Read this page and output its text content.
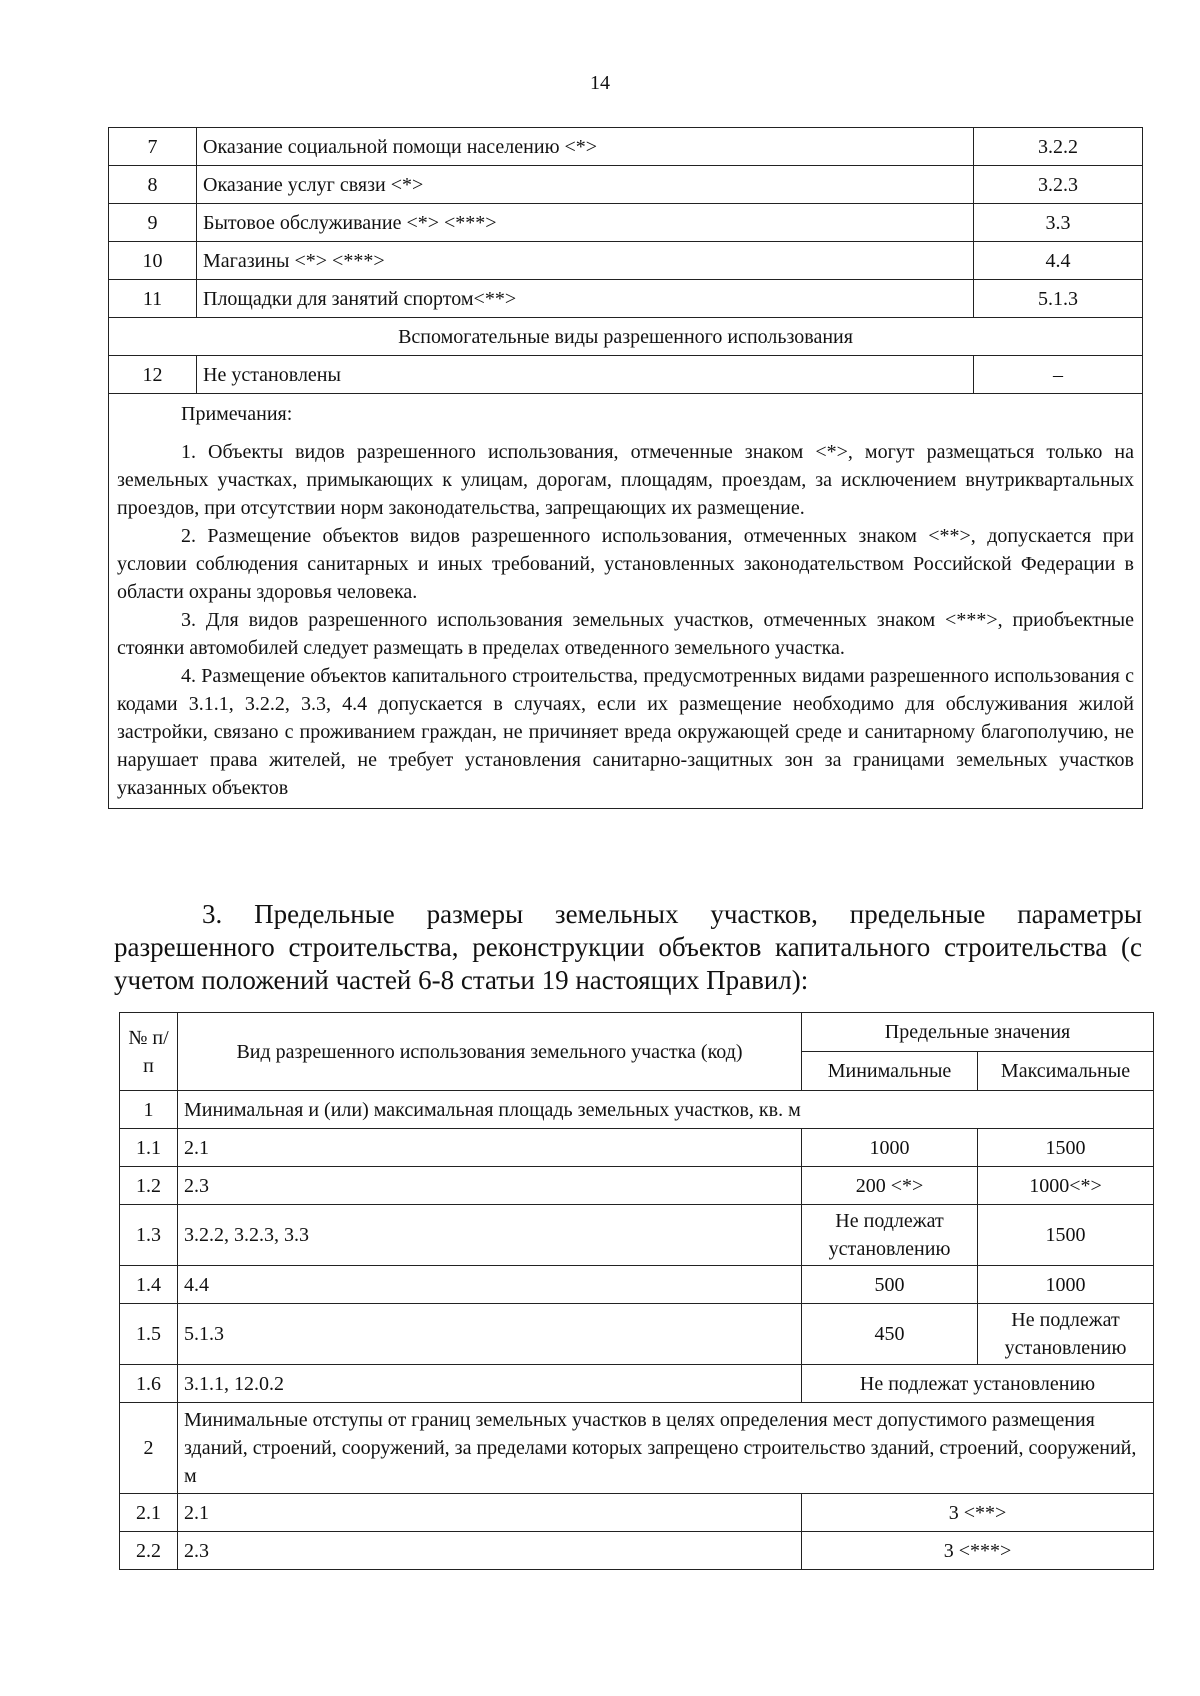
14
7	Оказание социальной помощи населению <*>	3.2.2
8	Оказание услуг связи <*>	3.2.3
9	Бытовое обслуживание <*> <***>	3.3
10	Магазины <*> <***>	4.4
11	Площадки для занятий спортом<**>	5.1.3
Вспомогательные виды разрешенного использования		
12	Не установлены	–

Примечания:

1. Объекты видов разрешенного использования, отмеченные знаком <*>, могут размещаться только на земельных участках, примыкающих к улицам, дорогам, площадям, проездам, за исключением внутриквартальных проездов, при отсутствии норм законодательства, запрещающих их размещение.

2. Размещение объектов видов разрешенного использования, отмеченных знаком <**>, допускается при условии соблюдения санитарных и иных требований, установленных законодательством Российской Федерации в области охраны здоровья человека.

3. Для видов разрешенного использования земельных участков, отмеченных знаком <***>, приобъектные стоянки автомобилей следует размещать в пределах отведенного земельного участка.

4. Размещение объектов капитального строительства, предусмотренных видами разрешенного использования с кодами 3.1.1, 3.2.2, 3.3, 4.4 допускается в случаях, если их размещение необходимо для обслуживания жилой застройки, связано с проживанием граждан, не причиняет вреда окружающей среде и санитарному благополучию, не нарушает права жителей, не требует установления санитарно-защитных зон за границами земельных участков указанных объектов		

3. Предельные размеры земельных участков, предельные параметры разрешенного строительства, реконструкции объектов капитального строительства (с учетом положений частей 6-8 статьи 19 настоящих Правил):

№ п/п	Вид разрешенного использования земельного участка (код)	Предельные значения	
		Минимальные	Максимальные
1	Минимальная и (или) максимальная площадь земельных участков, кв. м		
1.1	2.1	1000	1500
1.2	2.3	200 <*>	1000<*>
1.3	3.2.2, 3.2.3, 3.3	Не подлежат установлению	1500
1.4	4.4	500	1000
1.5	5.1.3	450	Не подлежат установлению
1.6	3.1.1, 12.0.2	Не подлежат установлению	
2	Минимальные отступы от границ земельных участков в целях определения мест допустимого размещения зданий, строений, сооружений, за пределами которых запрещено строительство зданий, строений, сооружений, м		
2.1	2.1	3 <**>	
2.2	2.3	3 <***>	
